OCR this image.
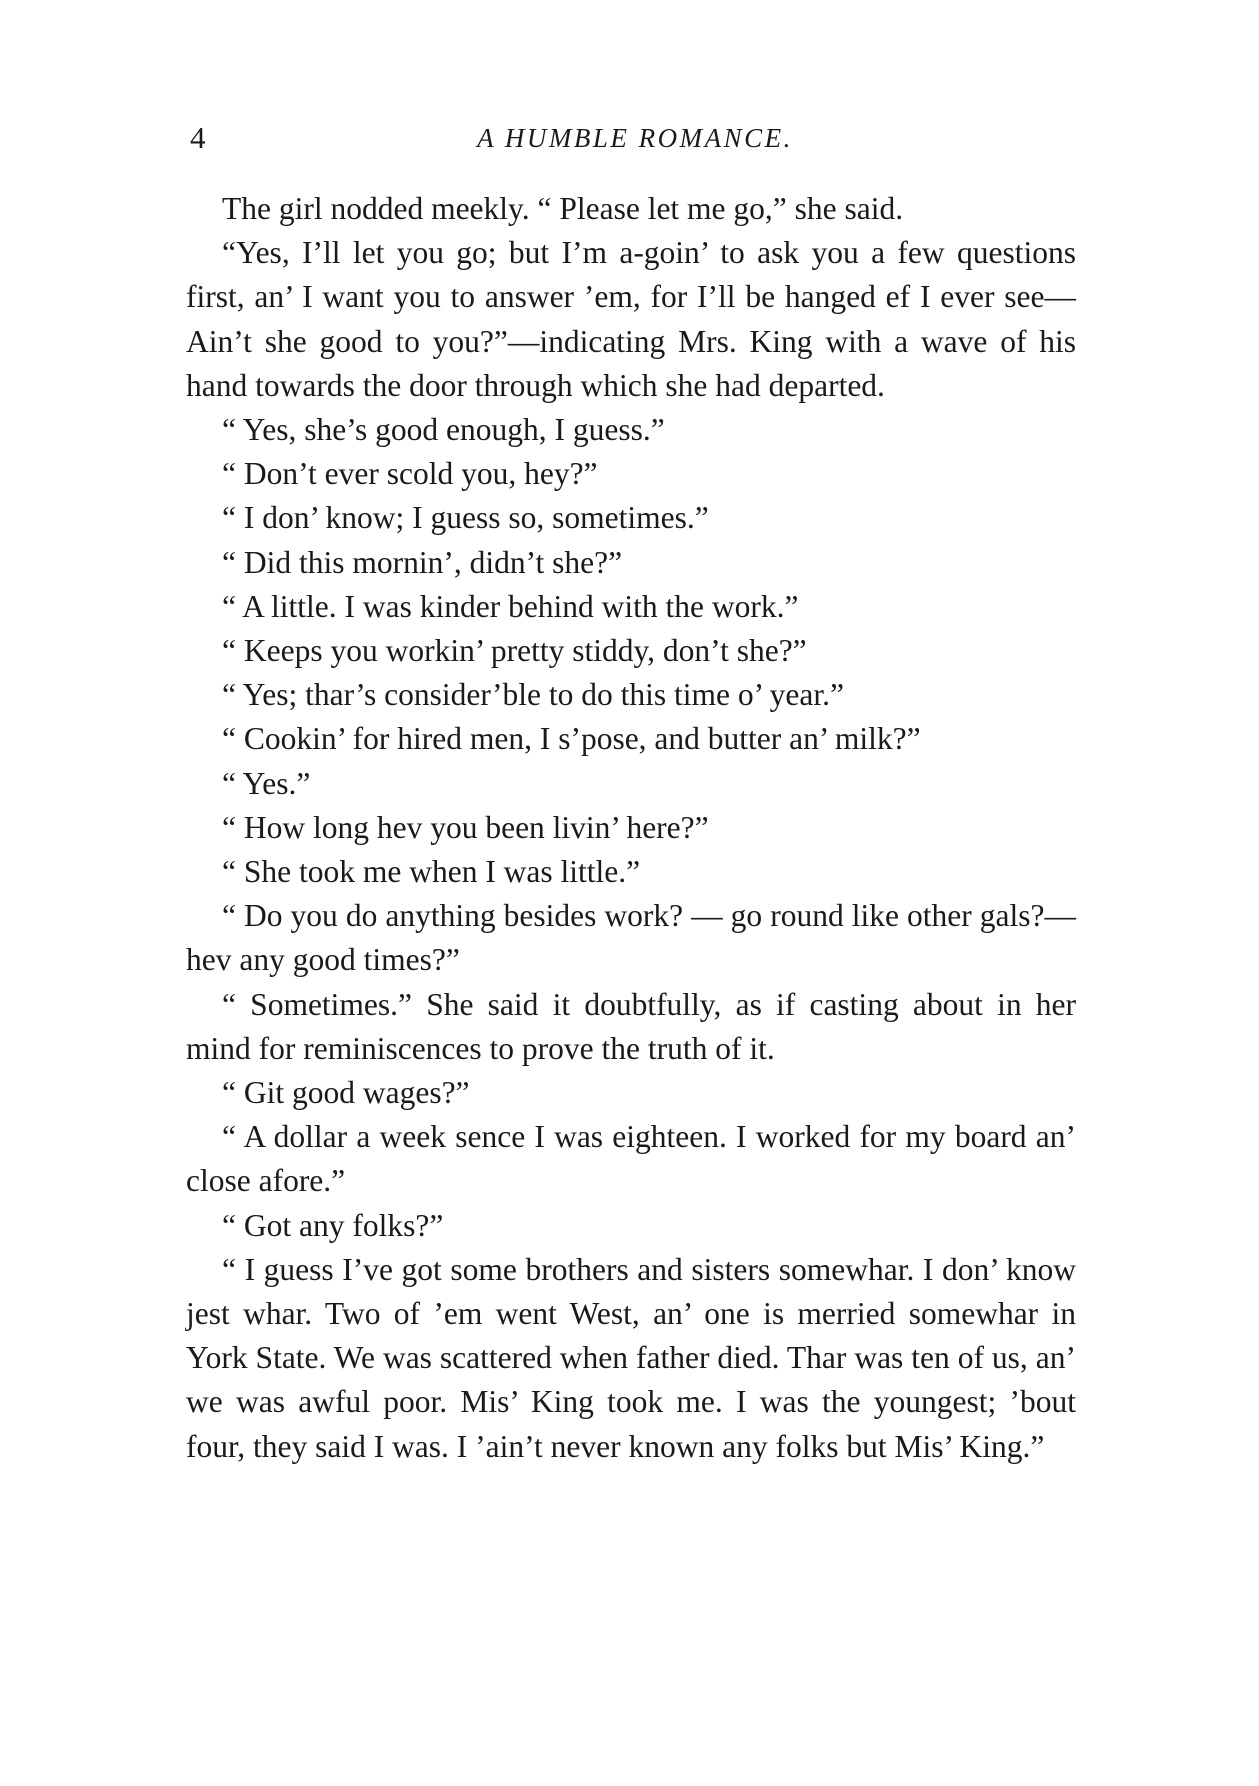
4	A HUMBLE ROMANCE.

The girl nodded meekly. “ Please let me go,” she said.

“Yes, I’ll let you go; but I’m a-goin’ to ask you a few questions first, an’ I want you to answer ’em, for I’ll be hanged ef I ever see— Ain’t she good to you?”—indicating Mrs. King with a wave of his hand towards the door through which she had departed.

“ Yes, she’s good enough, I guess.”

“ Don’t ever scold you, hey?”

“ I don’ know; I guess so, sometimes.”

“ Did this mornin’, didn’t she?”

“ A little. I was kinder behind with the work.”

“ Keeps you workin’ pretty stiddy, don’t she?”

“ Yes; thar’s consider’ble to do this time o’ year.”

“ Cookin’ for hired men, I s’pose, and butter an’ milk?”

“ Yes.”

“ How long hev you been livin’ here?”

“ She took me when I was little.”

“ Do you do anything besides work? — go round like other gals?—hev any good times?”

“ Sometimes.” She said it doubtfully, as if casting about in her mind for reminiscences to prove the truth of it.

“ Git good wages?”

“ A dollar a week sence I was eighteen. I worked for my board an’ close afore.”

“ Got any folks?”

“ I guess I’ve got some brothers and sisters somewhar. I don’ know jest whar. Two of ’em went West, an’ one is merried somewhar in York State. We was scattered when father died. Thar was ten of us, an’ we was awful poor. Mis’ King took me. I was the youngest; ’bout four, they said I was. I ’ain’t never known any folks but Mis’ King.”
